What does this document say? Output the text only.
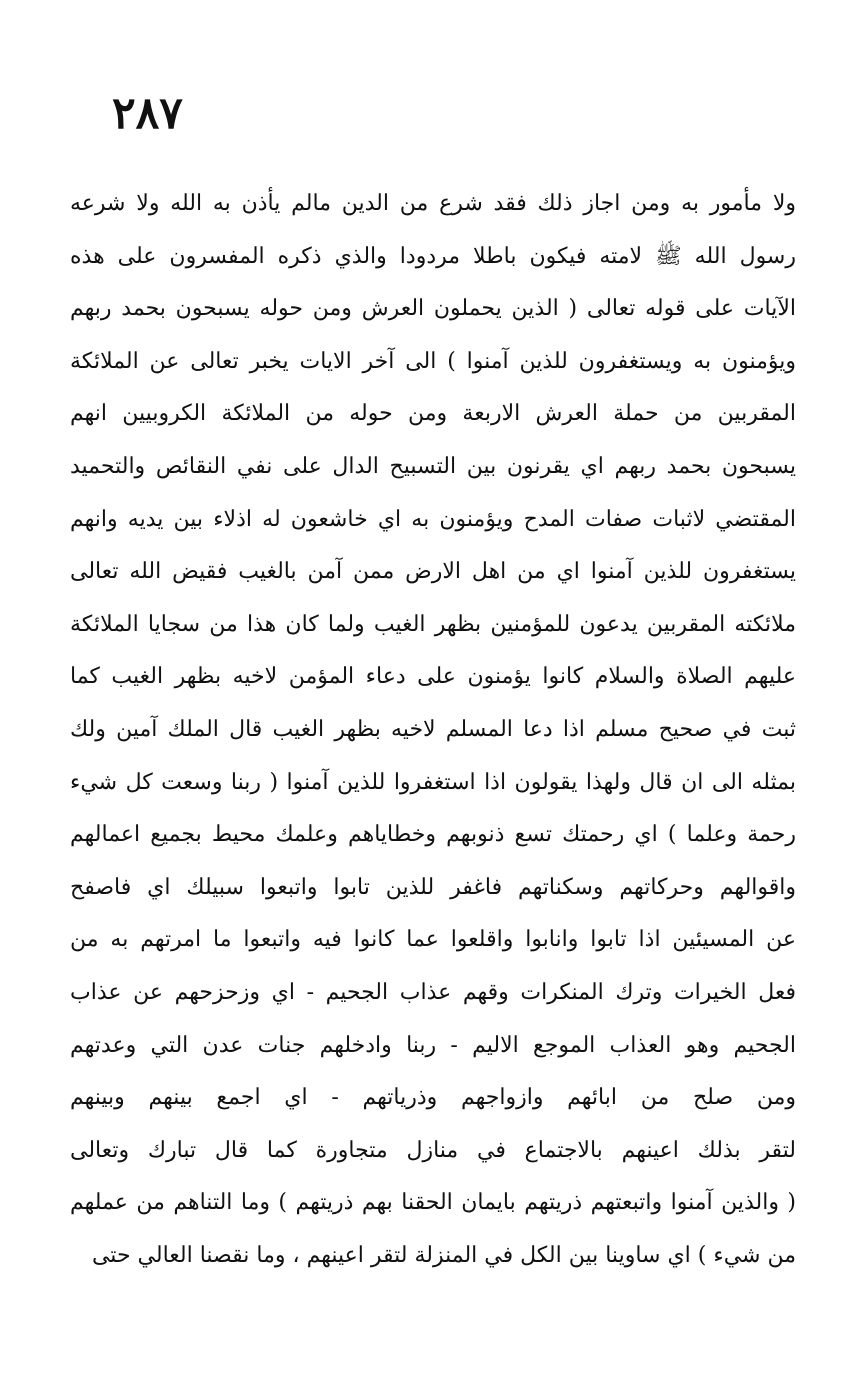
٢٨٧
ولا مأمور به ومن اجاز ذلك فقد شرع من الدين مالم يأذن به الله ولا شرعه
رسول الله ﷺ لامته فيكون باطلا مردودا والذي ذكره المفسرون على هذه
الآيات على قوله تعالى ( الذين يحملون العرش ومن حوله يسبحون بحمد ربهم
ويؤمنون به ويستغفرون للذين آمنوا ) الى آخر الايات يخبر تعالى عن الملائكة
المقربين من حملة العرش الاربعة ومن حوله من الملائكة الكروبيين انهم
يسبحون بحمد ربهم اي يقرنون بين التسبيح الدال على نفي النقائص والتحميد
المقتضي لاثبات صفات المدح ويؤمنون به اي خاشعون له اذلاء بين يديه وانهم
يستغفرون للذين آمنوا اي من اهل الارض ممن آمن بالغيب فقيض الله تعالى
ملائكته المقربين يدعون للمؤمنين بظهر الغيب ولما كان هذا من سجايا الملائكة
عليهم الصلاة والسلام كانوا يؤمنون على دعاء المؤمن لاخيه بظهر الغيب كما
ثبت في صحيح مسلم اذا دعا المسلم لاخيه بظهر الغيب قال الملك آمين ولك
بمثله الى ان قال ولهذا يقولون اذا استغفروا للذين آمنوا ( ربنا وسعت كل شيء
رحمة وعلما ) اي رحمتك تسع ذنوبهم وخطاياهم وعلمك محيط بجميع اعمالهم
واقوالهم وحركاتهم وسكناتهم فاغفر للذين تابوا واتبعوا سبيلك اي فاصفح
عن المسيئين اذا تابوا وانابوا واقلعوا عما كانوا فيه واتبعوا ما امرتهم به من
فعل الخيرات وترك المنكرات وقهم عذاب الجحيم - اي وزحزحهم عن عذاب
الجحيم وهو العذاب الموجع الاليم - ربنا وادخلهم جنات عدن التي وعدتهم
ومن صلح من ابائهم وازواجهم وذرياتهم - اي اجمع بينهم وبينهم
لتقر بذلك اعينهم بالاجتماع في منازل متجاورة كما قال تبارك وتعالى
( والذين آمنوا واتبعتهم ذريتهم بايمان الحقنا بهم ذريتهم ) وما التناهم من عملهم
من شيء ) اي ساوينا بين الكل في المنزلة لتقر اعينهم ، وما نقصنا العالي حتى
